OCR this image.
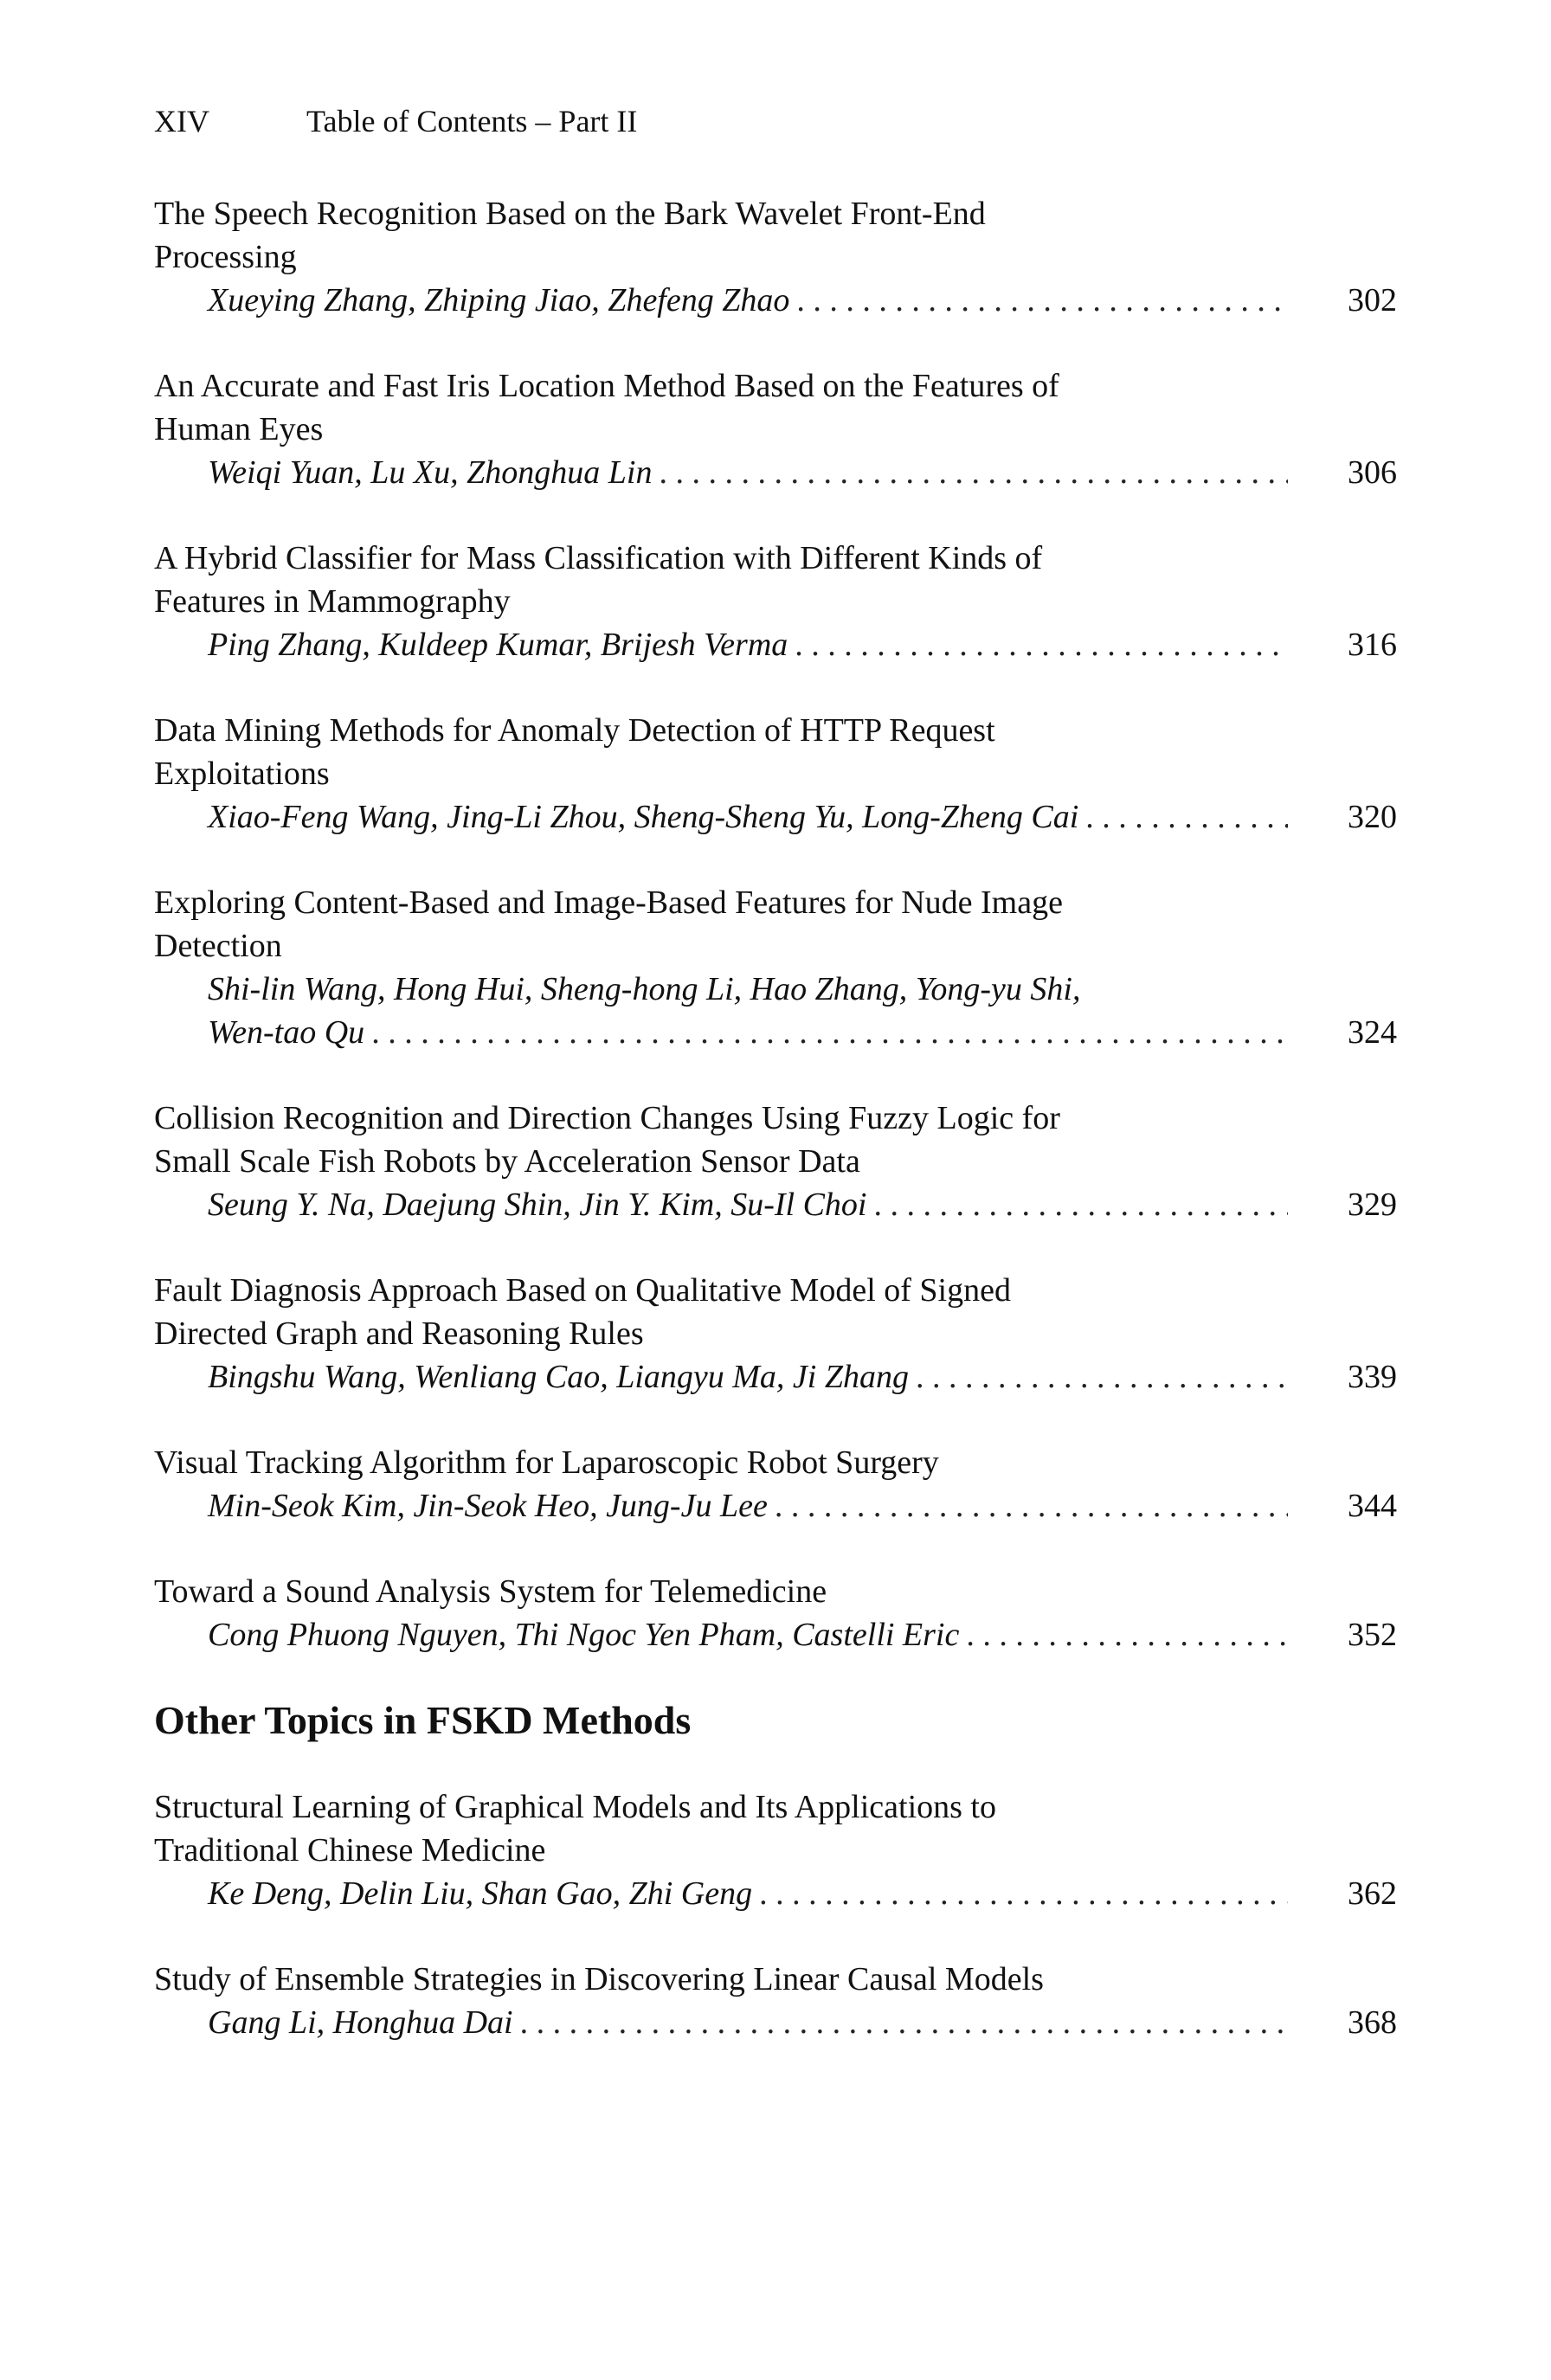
XIV	Table of Contents – Part II
The Speech Recognition Based on the Bark Wavelet Front-End
Processing
Xueying Zhang, Zhiping Jiao, Zhefeng Zhao . . .	302
An Accurate and Fast Iris Location Method Based on the Features of
Human Eyes
Weiqi Yuan, Lu Xu, Zhonghua Lin . . .	306
A Hybrid Classifier for Mass Classification with Different Kinds of
Features in Mammography
Ping Zhang, Kuldeep Kumar, Brijesh Verma . . .	316
Data Mining Methods for Anomaly Detection of HTTP Request
Exploitations
Xiao-Feng Wang, Jing-Li Zhou, Sheng-Sheng Yu, Long-Zheng Cai . . .	320
Exploring Content-Based and Image-Based Features for Nude Image
Detection
Shi-lin Wang, Hong Hui, Sheng-hong Li, Hao Zhang, Yong-yu Shi,
Wen-tao Qu . . .	324
Collision Recognition and Direction Changes Using Fuzzy Logic for
Small Scale Fish Robots by Acceleration Sensor Data
Seung Y. Na, Daejung Shin, Jin Y. Kim, Su-Il Choi . . .	329
Fault Diagnosis Approach Based on Qualitative Model of Signed
Directed Graph and Reasoning Rules
Bingshu Wang, Wenliang Cao, Liangyu Ma, Ji Zhang . . .	339
Visual Tracking Algorithm for Laparoscopic Robot Surgery
Min-Seok Kim, Jin-Seok Heo, Jung-Ju Lee . . .	344
Toward a Sound Analysis System for Telemedicine
Cong Phuong Nguyen, Thi Ngoc Yen Pham, Castelli Eric . . .	352
Other Topics in FSKD Methods
Structural Learning of Graphical Models and Its Applications to
Traditional Chinese Medicine
Ke Deng, Delin Liu, Shan Gao, Zhi Geng . . .	362
Study of Ensemble Strategies in Discovering Linear Causal Models
Gang Li, Honghua Dai . . .	368
